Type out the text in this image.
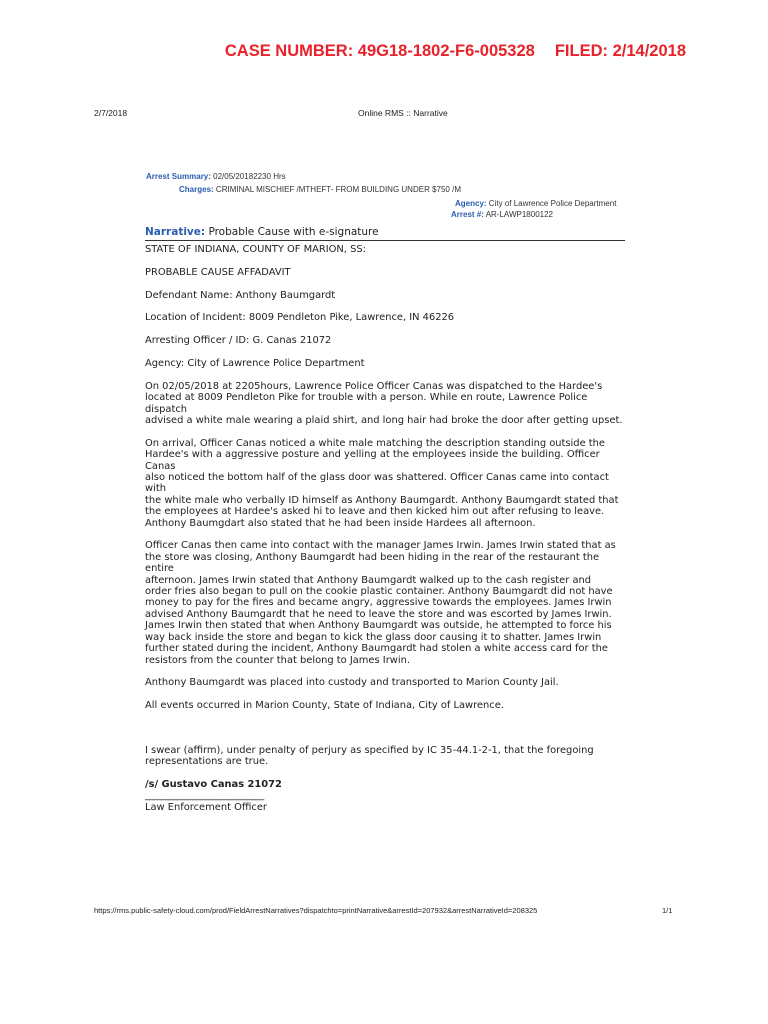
CASE NUMBER: 49G18-1802-F6-005328 FILED: 2/14/2018
2/7/2018	Online RMS :: Narrative
Arrest Summary: 02/05/20182230 Hrs
Charges: CRIMINAL MISCHIEF /MTHEFT- FROM BUILDING UNDER $750 /M
Agency: City of Lawrence Police Department
Arrest #: AR-LAWP1800122
Narrative: Probable Cause with e-signature

STATE OF INDIANA, COUNTY OF MARION, SS:

PROBABLE CAUSE AFFADAVIT

Defendant Name: Anthony Baumgardt

Location of Incident: 8009 Pendleton Pike, Lawrence, IN 46226

Arresting Officer / ID: G. Canas 21072

Agency: City of Lawrence Police Department

On 02/05/2018 at 2205hours, Lawrence Police Officer Canas was dispatched to the Hardee's
located at 8009 Pendleton Pike for trouble with a person. While en route, Lawrence Police dispatch
advised a white male wearing a plaid shirt, and long hair had broke the door after getting upset.

On arrival, Officer Canas noticed a white male matching the description standing outside the
Hardee's with a aggressive posture and yelling at the employees inside the building. Officer Canas
also noticed the bottom half of the glass door was shattered. Officer Canas came into contact with
the white male who verbally ID himself as Anthony Baumgardt. Anthony Baumgardt stated that
the employees at Hardee's asked hi to leave and then kicked him out after refusing to leave.
Anthony Baumgdart also stated that he had been inside Hardees all afternoon.

Officer Canas then came into contact with the manager James Irwin. James Irwin stated that as
the store was closing, Anthony Baumgardt had been hiding in the rear of the restaurant the entire
afternoon. James Irwin stated that Anthony Baumgardt walked up to the cash register and
order fries also began to pull on the cookie plastic container. Anthony Baumgardt did not have
money to pay for the fires and became angry, aggressive towards the employees. James Irwin
advised Anthony Baumgardt that he need to leave the store and was escorted by James Irwin.
James Irwin then stated that when Anthony Baumgardt was outside, he attempted to force his
way back inside the store and began to kick the glass door causing it to shatter. James Irwin
further stated during the incident, Anthony Baumgardt had stolen a white access card for the
resistors from the counter that belong to James Irwin.

Anthony Baumgardt was placed into custody and transported to Marion County Jail.

All events occurred in Marion County, State of Indiana, City of Lawrence.

I swear (affirm), under penalty of perjury as specified by IC 35-44.1-2-1, that the foregoing
representations are true.

/s/ Gustavo Canas 21072

______________________________

Law Enforcement Officer

https://rms.public-safety-cloud.com/prod/FieldArrestNarratives?dispatchto=printNarrative&arrestId=207932&arrestNarrativeId=208325	1/1
